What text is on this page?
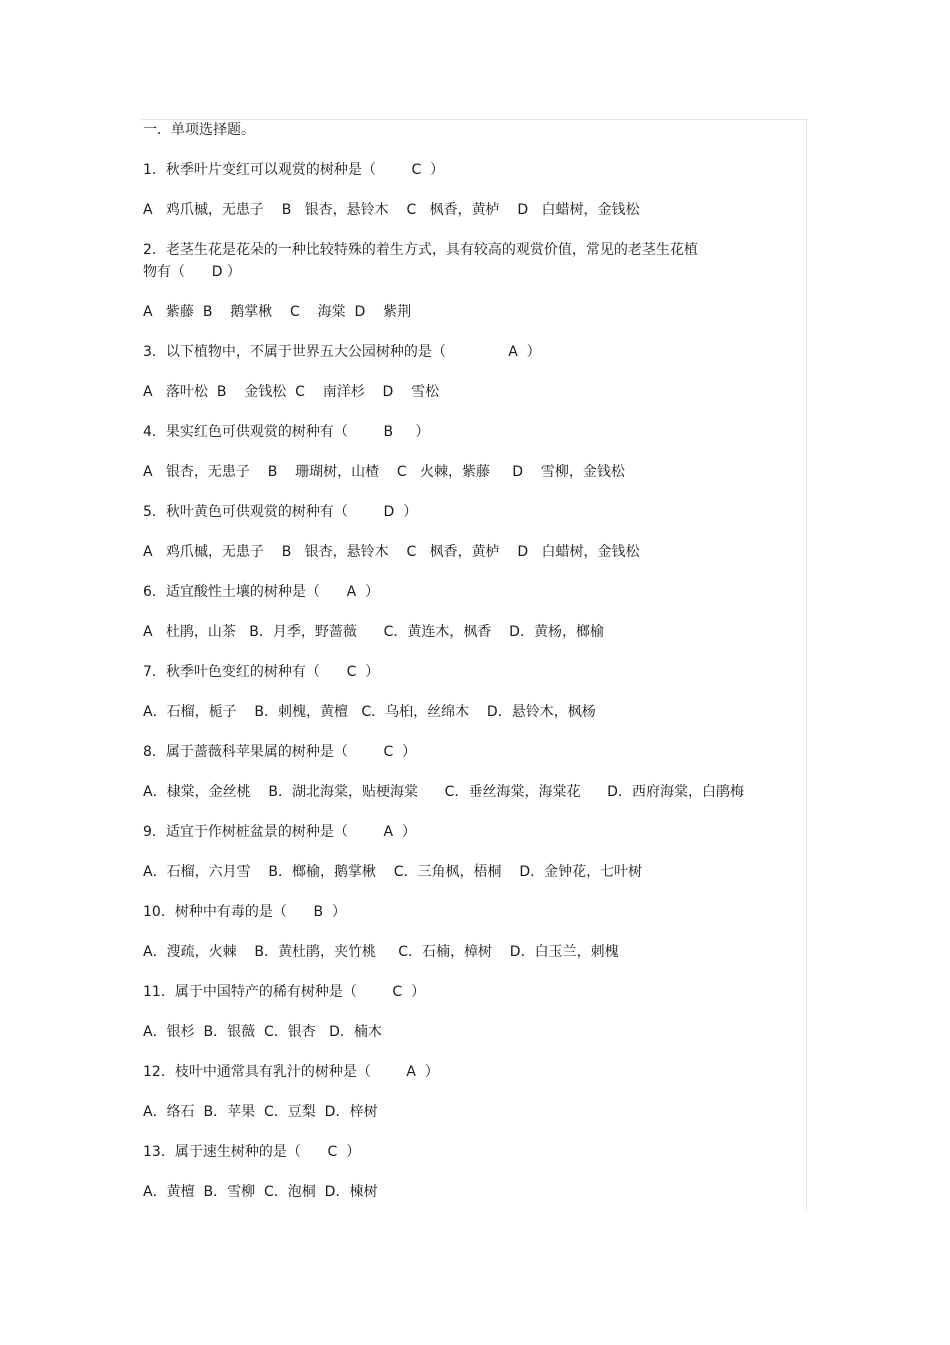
一．单项选择题。

1．秋季叶片变红可以观赏的树种是（        C  ）

A   鸡爪槭，无患子    B   银杏，悬铃木    C   枫香，黄栌    D   白蜡树，金钱松

2．老茎生花是花朵的一种比较特殊的着生方式，具有较高的观赏价值，常见的老茎生花植

物有（      D ）

A   紫藤  B    鹅掌楸    C    海棠  D    紫荆

3．以下植物中，不属于世界五大公园树种的是（              A  ）

A   落叶松  B    金钱松  C    南洋杉    D    雪松

4．果实红色可供观赏的树种有（        B     ）

A   银杏，无患子    B    珊瑚树，山楂    C   火棘，紫藤     D    雪柳，金钱松

5．秋叶黄色可供观赏的树种有（        D  ）

A   鸡爪槭，无患子    B   银杏，悬铃木    C   枫香，黄栌    D   白蜡树，金钱松

6．适宜酸性土壤的树种是（      A  ）

A   杜鹃，山茶   B．月季，野蔷薇      C．黄连木，枫香    D．黄杨，榔榆

7．秋季叶色变红的树种有（      C  ）

A．石榴，栀子    B．刺槐，黄檀   C．乌桕，丝绵木    D．悬铃木，枫杨

8．属于蔷薇科苹果属的树种是（        C  ）

A．棣棠，金丝桃    B．湖北海棠，贴梗海棠      C．垂丝海棠，海棠花      D．西府海棠，白鹃梅

9．适宜于作树桩盆景的树种是（        A  ）

A．石榴，六月雪    B．榔榆，鹅掌楸    C．三角枫，梧桐    D．金钟花，七叶树

10．树种中有毒的是（      B  ）

A．溲疏，火棘    B．黄杜鹃，夹竹桃     C．石楠，樟树    D．白玉兰，刺槐

11．属于中国特产的稀有树种是（        C  ）

A．银杉  B．银薇  C．银杏   D．楠木

12．枝叶中通常具有乳汁的树种是（        A  ）

A．络石  B．苹果  C．豆梨  D．梓树

13．属于速生树种的是（      C  ）

A．黄檀  B．雪柳  C．泡桐  D．楝树
